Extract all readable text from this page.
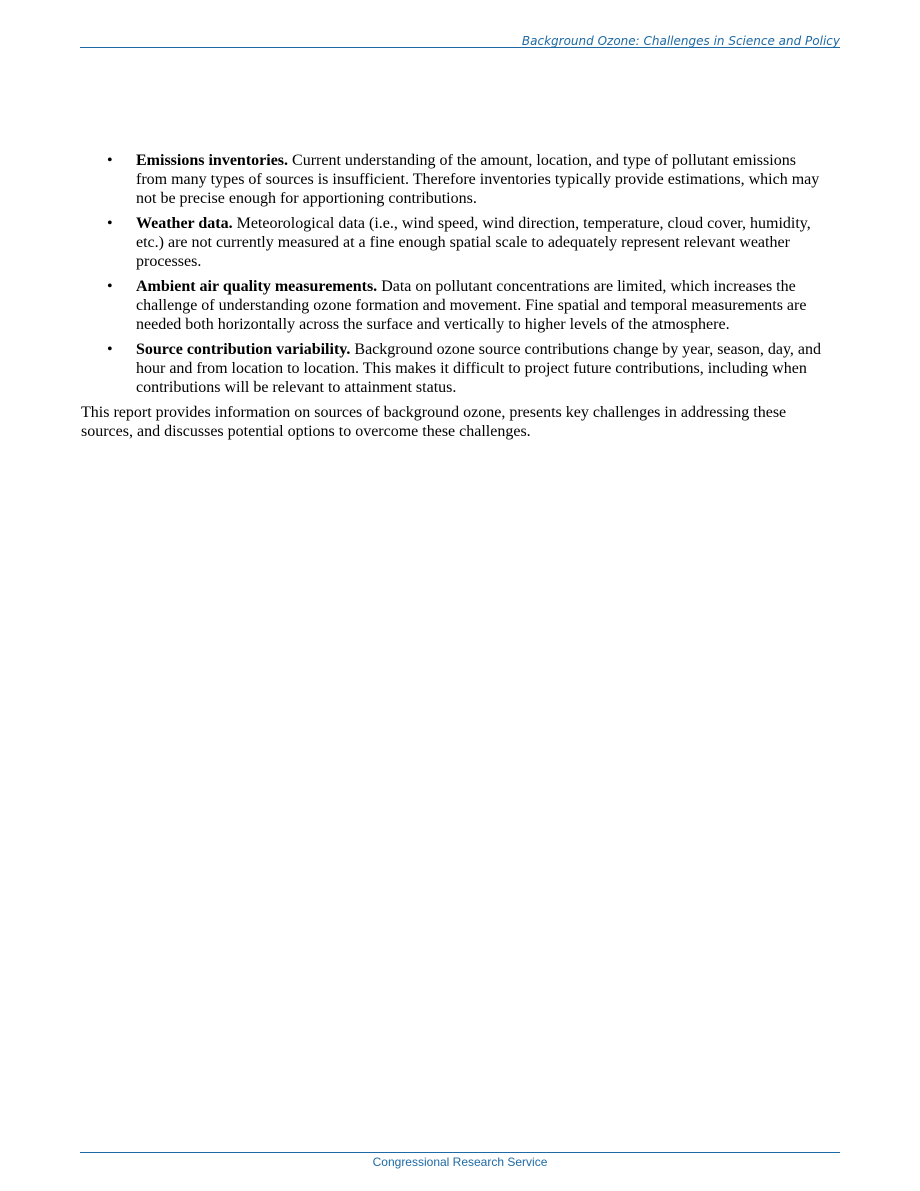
Background Ozone: Challenges in Science and Policy
• Emissions inventories. Current understanding of the amount, location, and type of pollutant emissions from many types of sources is insufficient. Therefore inventories typically provide estimations, which may not be precise enough for apportioning contributions.
• Weather data. Meteorological data (i.e., wind speed, wind direction, temperature, cloud cover, humidity, etc.) are not currently measured at a fine enough spatial scale to adequately represent relevant weather processes.
• Ambient air quality measurements. Data on pollutant concentrations are limited, which increases the challenge of understanding ozone formation and movement. Fine spatial and temporal measurements are needed both horizontally across the surface and vertically to higher levels of the atmosphere.
• Source contribution variability. Background ozone source contributions change by year, season, day, and hour and from location to location. This makes it difficult to project future contributions, including when contributions will be relevant to attainment status.

This report provides information on sources of background ozone, presents key challenges in addressing these sources, and discusses potential options to overcome these challenges.

Congressional Research Service
